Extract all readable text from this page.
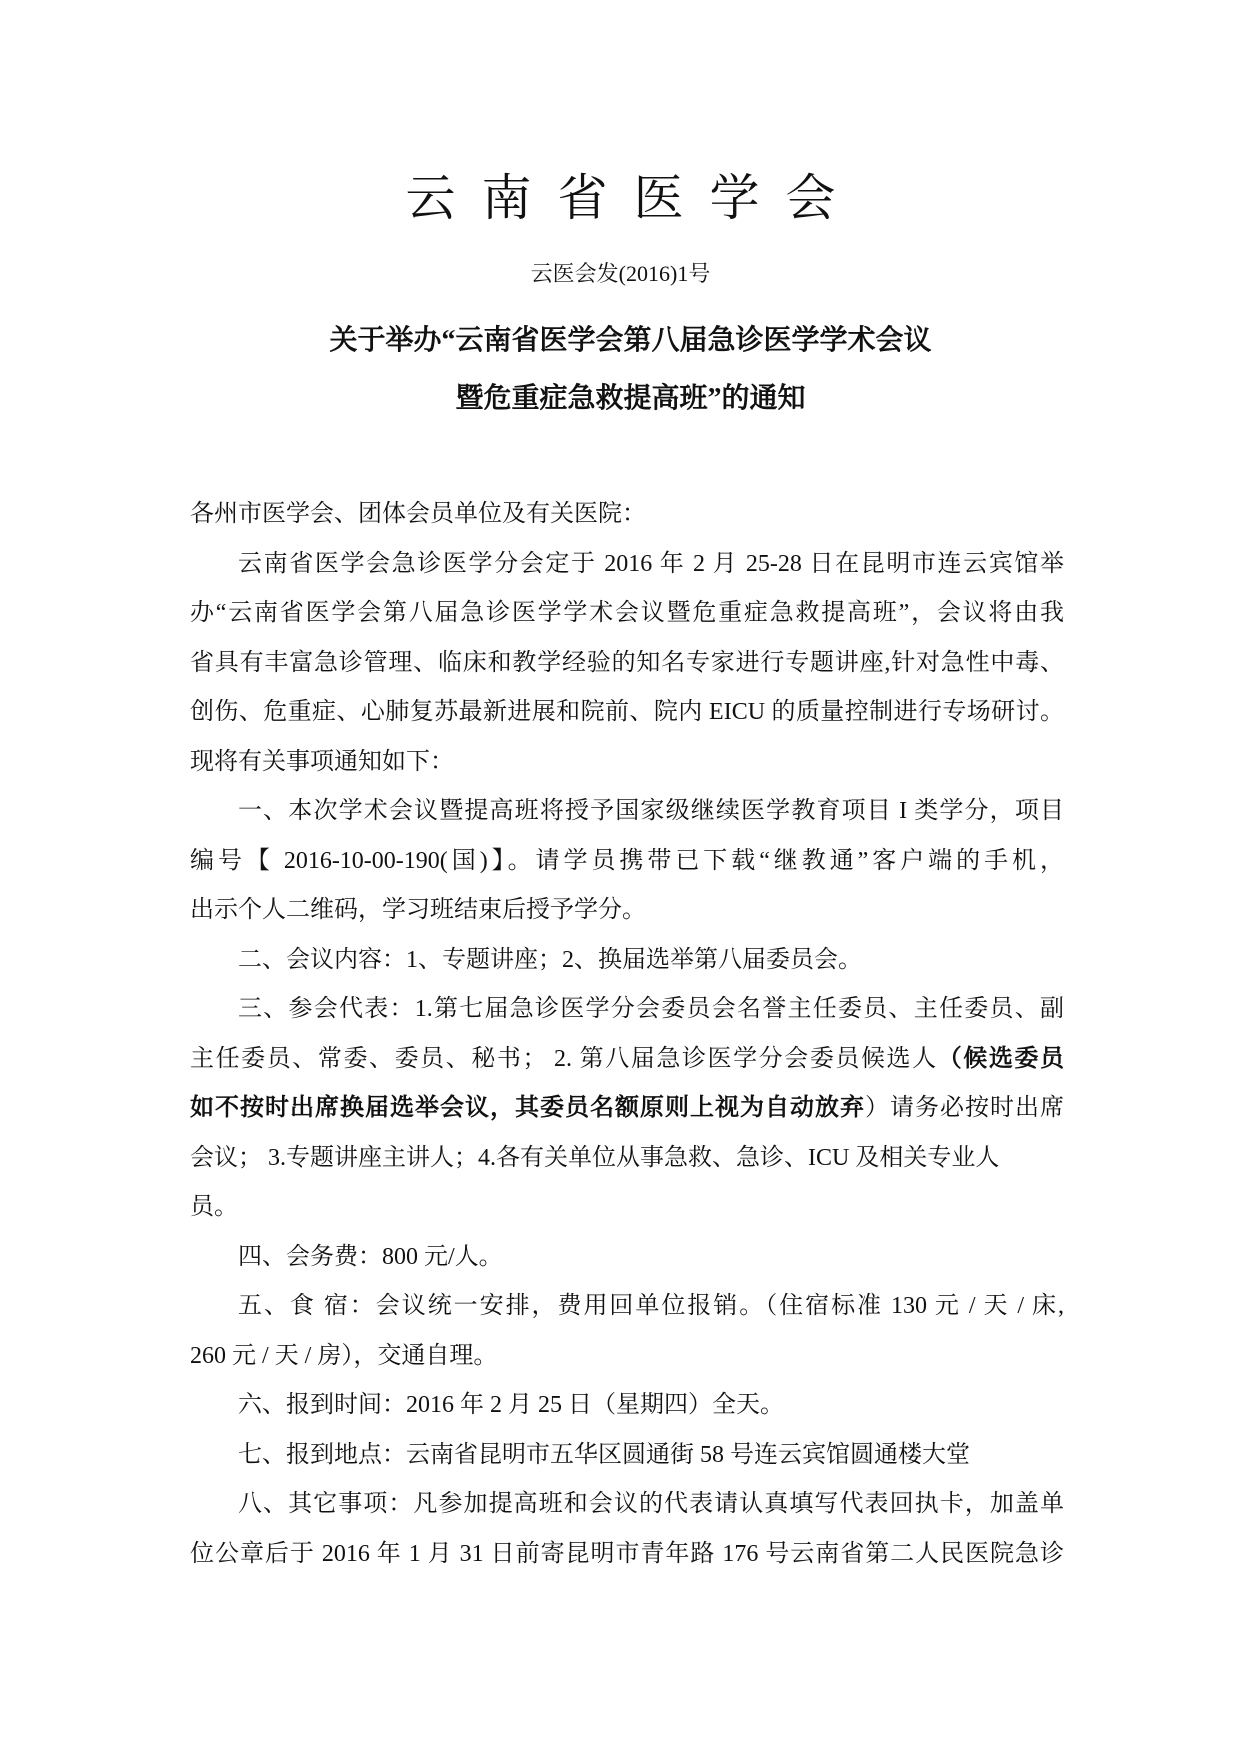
云南省医学会
云医会发(2016)1号
关于举办“云南省医学会第八届急诊医学学术会议
暨危重症急救提高班”的通知
各州市医学会、团体会员单位及有关医院：
云南省医学会急诊医学分会定于 2016 年 2 月 25-28 日在昆明市连云宾馆举
办“云南省医学会第八届急诊医学学术会议暨危重症急救提高班”，会议将由我
省具有丰富急诊管理、临床和教学经验的知名专家进行专题讲座,针对急性中毒、
创伤、危重症、心肺复苏最新进展和院前、院内 EICU 的质量控制进行专场研讨。
现将有关事项通知如下：
一、本次学术会议暨提高班将授予国家级继续医学教育项目 I 类学分，项目
编号【 2016-10-00-190(国)】。请学员携带已下载“继教通”客户端的手机，
出示个人二维码，学习班结束后授予学分。
二、会议内容：1、专题讲座；2、换届选举第八届委员会。
三、参会代表：1.第七届急诊医学分会委员会名誉主任委员、主任委员、副
主任委员、常委、委员、秘书； 2. 第八届急诊医学分会委员候选人（候选委员
如不按时出席换届选举会议，其委员名额原则上视为自动放弃）请务必按时出席
会议； 3.专题讲座主讲人；4.各有关单位从事急救、急诊、ICU 及相关专业人
员。
四、会务费：800 元/人。
五、食 宿：会议统一安排，费用回单位报销。（住宿标准 130 元 / 天 / 床,
260 元 / 天 / 房），交通自理。
六、报到时间：2016 年 2 月 25 日（星期四）全天。
七、报到地点：云南省昆明市五华区圆通街 58 号连云宾馆圆通楼大堂
八、其它事项：凡参加提高班和会议的代表请认真填写代表回执卡，加盖单
位公章后于 2016 年 1 月 31 日前寄昆明市青年路 176 号云南省第二人民医院急诊
